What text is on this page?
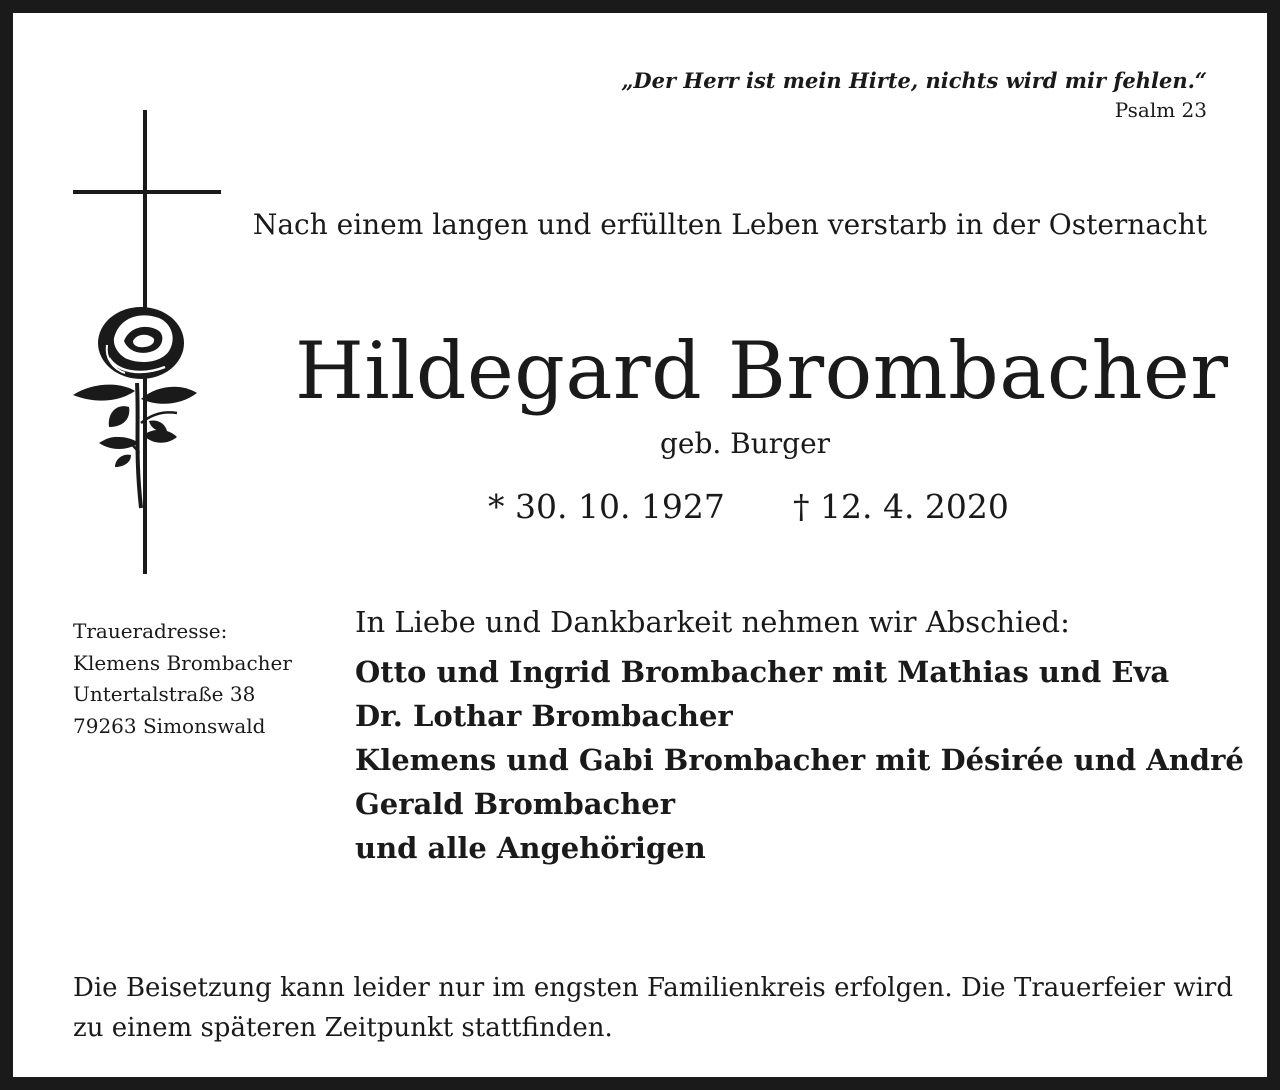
„Der Herr ist mein Hirte, nichts wird mir fehlen.“
Psalm 23
Nach einem langen und erfüllten Leben verstarb in der Osternacht
Hildegard Brombacher
geb. Burger
* 30. 10. 1927 † 12. 4. 2020
Traueradresse:
Klemens Brombacher
Untertalstraße 38
79263 Simonswald
In Liebe und Dankbarkeit nehmen wir Abschied:
Otto und Ingrid Brombacher mit Mathias und Eva
Dr. Lothar Brombacher
Klemens und Gabi Brombacher mit Désirée und André
Gerald Brombacher
und alle Angehörigen
Die Beisetzung kann leider nur im engsten Familienkreis erfolgen. Die Trauerfeier wird zu einem späteren Zeitpunkt stattfinden.
